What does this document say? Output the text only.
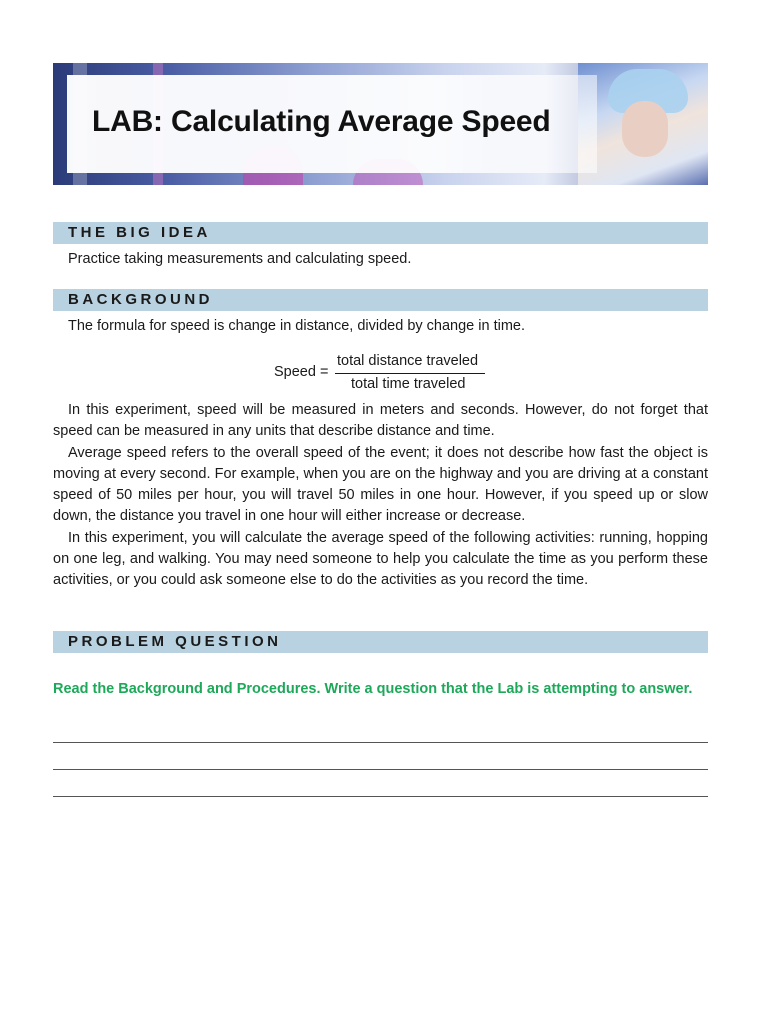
LAB: Calculating Average Speed
THE BIG IDEA

Practice taking measurements and calculating speed.

BACKGROUND

The formula for speed is change in distance, divided by change in time.

Speed =
total distance traveled
total time traveled

In this experiment, speed will be measured in meters and seconds. However, do not forget that speed can be measured in any units that describe distance and time.

Average speed refers to the overall speed of the event; it does not describe how fast the object is moving at every second. For example, when you are on the highway and you are driving at a constant speed of 50 miles per hour, you will travel 50 miles in one hour. However, if you speed up or slow down, the distance you travel in one hour will either increase or decrease.

In this experiment, you will calculate the average speed of the following activities: running, hopping on one leg, and walking. You may need someone to help you calculate the time as you perform these activities, or you could ask someone else to do the activities as you record the time.

PROBLEM QUESTION
Read the Background and Procedures. Write a question that the Lab is attempting to answer.
